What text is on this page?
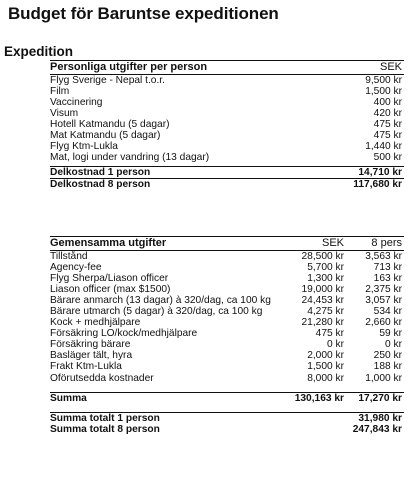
Budget för Baruntse expeditionen
Expedition
Personliga utgifter per person	SEK
Flyg Sverige - Nepal t.o.r.	9,500 kr
Film	1,500 kr
Vaccinering	400 kr
Visum	420 kr
Hotell Katmandu (5 dagar)	475 kr
Mat Katmandu (5 dagar)	475 kr
Flyg Ktm-Lukla	1,440 kr
Mat, logi under vandring (13 dagar)	500 kr
Delkostnad 1 person	14,710 kr
Delkostnad 8 person	117,680 kr
Gemensamma utgifter	SEK 8 pers
Tillstånd	28,500 kr 3,563 kr
Agency-fee	5,700 kr	713 kr
Flyg Sherpa/Liason officer	1,300 kr	163 kr
Liason officer (max $1500)	19,000 kr 2,375 kr
Bärare anmarch (13 dagar) à 320/dag, ca 100 kg	24,453 kr 3,057 kr
Bärare utmarch (5 dagar) à 320/dag, ca 100 kg	4,275 kr	534 kr
Kock + medhjälpare	21,280 kr 2,660 kr
Försäkring LO/kock/medhjälpare	475 kr	59 kr
Försäkring bärare	0 kr	0 kr
Basläger tält, hyra	2,000 kr	250 kr
Frakt Ktm-Lukla	1,500 kr	188 kr
Oförutsedda kostnader	8,000 kr 1,000 kr
Summa	130,163 kr 17,270 kr
Summa totalt 1 person	31,980 kr
Summa totalt 8 person	247,843 kr
